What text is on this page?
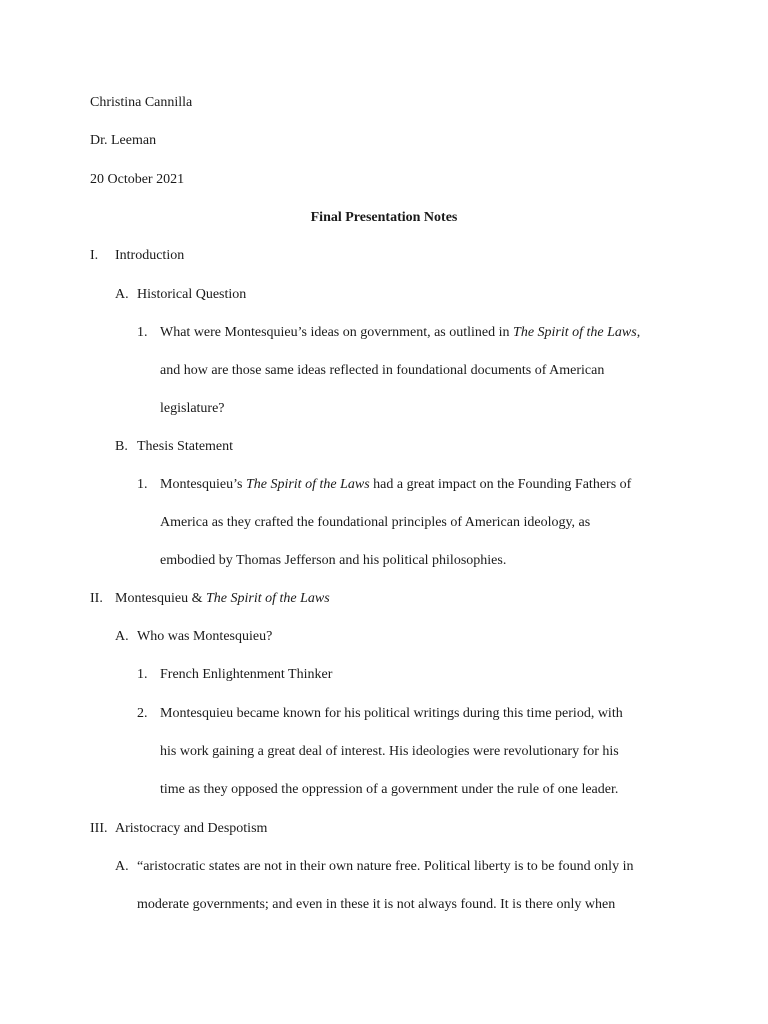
Christina Cannilla
Dr. Leeman
20 October 2021
Final Presentation Notes
I. Introduction
A. Historical Question
1. What were Montesquieu’s ideas on government, as outlined in The Spirit of the Laws,
and how are those same ideas reflected in foundational documents of American
legislature?
B. Thesis Statement
1. Montesquieu’s The Spirit of the Laws had a great impact on the Founding Fathers of
America as they crafted the foundational principles of American ideology, as
embodied by Thomas Jefferson and his political philosophies.
II. Montesquieu & The Spirit of the Laws
A. Who was Montesquieu?
1. French Enlightenment Thinker
2. Montesquieu became known for his political writings during this time period, with
his work gaining a great deal of interest. His ideologies were revolutionary for his
time as they opposed the oppression of a government under the rule of one leader.
III. Aristocracy and Despotism
A. “aristocratic states are not in their own nature free. Political liberty is to be found only in
moderate governments; and even in these it is not always found. It is there only when
